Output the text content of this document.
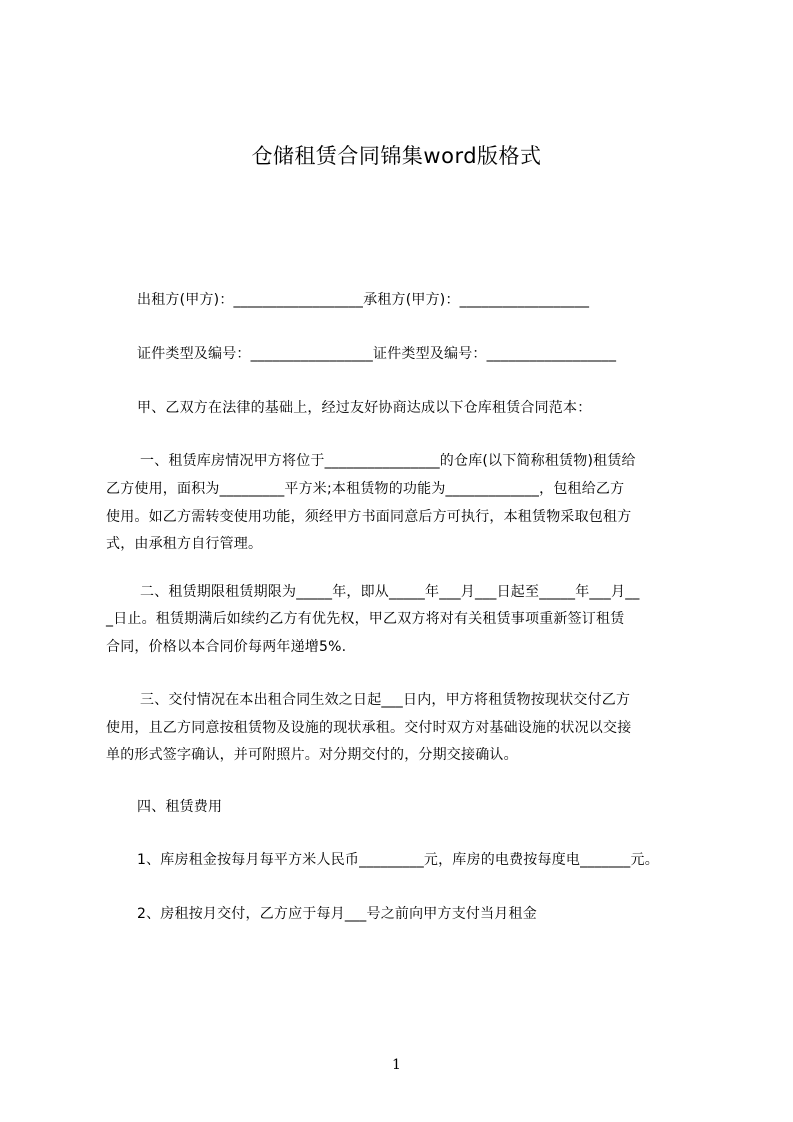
仓储租赁合同锦集word版格式
出租方(甲方)：__________________承租方(甲方)：__________________
证件类型及编号：_________________证件类型及编号：__________________
甲、乙双方在法律的基础上，经过友好协商达成以下仓库租赁合同范本：
一、租赁库房情况甲方将位于________________的仓库(以下简称租赁物)租赁给
乙方使用，面积为_________平方米;本租赁物的功能为_____________，包租给乙方
使用。如乙方需转变使用功能，须经甲方书面同意后方可执行，本租赁物采取包租方
式，由承租方自行管理。
二、租赁期限租赁期限为_____年，即从_____年___月___日起至_____年___月__
_日止。租赁期满后如续约乙方有优先权，甲乙双方将对有关租赁事项重新签订租赁
合同，价格以本合同价每两年递增5%.
三、交付情况在本出租合同生效之日起___日内，甲方将租赁物按现状交付乙方
使用，且乙方同意按租赁物及设施的现状承租。交付时双方对基础设施的状况以交接
单的形式签字确认，并可附照片。对分期交付的，分期交接确认。
四、租赁费用
1、库房租金按每月每平方米人民币_________元，库房的电费按每度电_______元。
2、房租按月交付，乙方应于每月___号之前向甲方支付当月租金
1
